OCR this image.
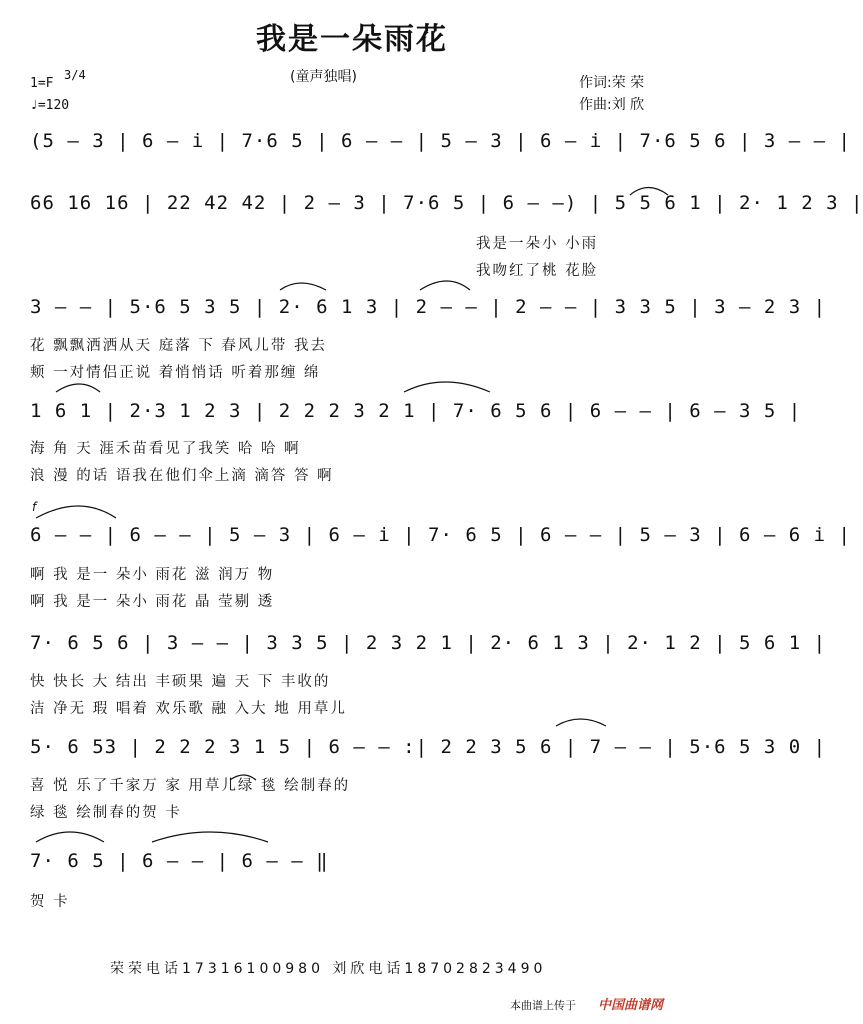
我是一朵雨花
(童声独唱)
1=F
3/4
♩=120
作词:荣 荣
作曲:刘 欣
(5 – 3 | 6 – i | 7·6 5 | 6 – – | 5 – 3 | 6 – i | 7·6 5 6 | 3 – – |
66 16 16 | 22 42 42 | 2 – 3 | 7·6 5 | 6 – –) | 5 5 6 1 | 2· 1 2 3 |
我是一朵小 小雨
我吻红了桃 花脸
3 – – | 5·6 5 3 5 | 2· 6 1 3 | 2 – – | 2 – – | 3 3 5 | 3 – 2 3 |
花 飘飘洒洒从天 庭落 下 春风儿带 我去
颊 一对情侣正说 着悄悄话 听着那缠 绵
1 6 1 | 2·3 1 2 3 | 2 2 2 3 2 1 | 7· 6 5 6 | 6 – – | 6 – 3 5 |
海 角 天 涯禾苗看见了我笑 哈 哈 啊
浪 漫 的话 语我在他们伞上滴 滴答 答 啊
f
6 – – | 6 – – | 5 – 3 | 6 – i | 7· 6 5 | 6 – – | 5 – 3 | 6 – 6 i |
啊 我 是一 朵小 雨花 滋 润万 物
啊 我 是一 朵小 雨花 晶 莹剔 透
7· 6 5 6 | 3 – – | 3 3 5 | 2 3 2 1 | 2· 6 1 3 | 2· 1 2 | 5 6 1 |
快 快长 大 结出 丰硕果 遍 天 下 丰收的
洁 净无 瑕 唱着 欢乐歌 融 入大 地 用草儿
5· 6 53 | 2 2 2 3 1 5 | 6 – – :| 2 2 3 5 6 | 7 – – | 5·6 5 3 0 |
喜 悦 乐了千家万 家 用草儿绿 毯 绘制春的
绿 毯 绘制春的贺 卡
7· 6 5 | 6 – – | 6 – – ‖
贺 卡
荣荣电话17316100980 刘欣电话18702823490
本曲谱上传于 中国曲谱网
